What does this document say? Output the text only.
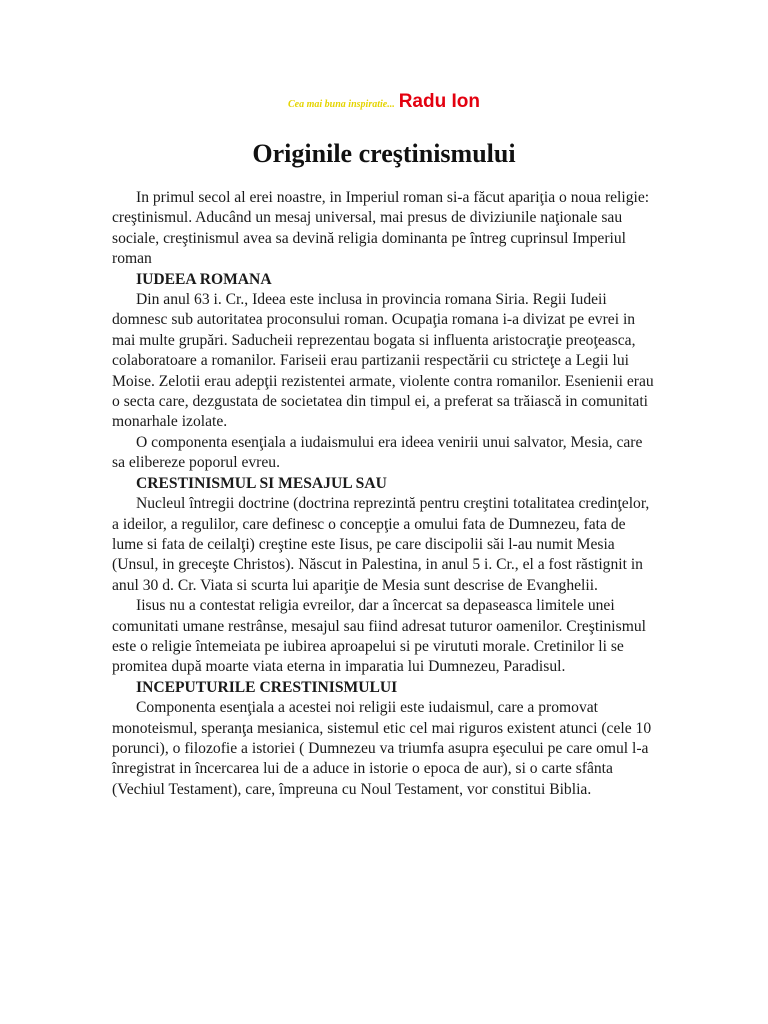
Cea mai buna inspiratie... Radu Ion
Originile creştinismului

In primul secol al erei noastre, in Imperiul roman si-a făcut apariţia o noua religie: creştinismul. Aducând un mesaj universal, mai presus de diviziunile naţionale sau sociale, creştinismul avea sa devină religia dominanta pe întreg cuprinsul Imperiul roman

IUDEEA ROMANA

Din anul 63 i. Cr., Ideea este inclusa in provincia romana Siria. Regii Iudeii domnesc sub autoritatea proconsului roman. Ocupaţia romana i-a divizat pe evrei in mai multe grupări. Saducheii reprezentau bogata si influenta aristocraţie preoţeasca, colaboratoare a romanilor. Fariseii erau partizanii respectării cu stricteţe a Legii lui Moise. Zelotii erau adepţii rezistentei armate, violente contra romanilor. Esenienii erau o secta care, dezgustata de societatea din timpul ei, a preferat sa trăiască in comunitati monarhale izolate.

O componenta esenţiala a iudaismului era ideea venirii unui salvator, Mesia, care sa elibereze poporul evreu.

CRESTINISMUL SI MESAJUL SAU

Nucleul întregii doctrine (doctrina reprezintă pentru creştini totalitatea credinţelor, a ideilor, a regulilor, care definesc o concepţie a omului fata de Dumnezeu, fata de lume si fata de ceilalţi) creştine este Iisus, pe care discipolii săi l-au numit Mesia (Unsul, in greceşte Christos). Născut in Palestina, in anul 5 i. Cr., el a fost răstignit in anul 30 d. Cr. Viata si scurta lui apariţie de Mesia sunt descrise de Evanghelii.

Iisus nu a contestat religia evreilor, dar a încercat sa depaseasca limitele unei comunitati umane restrânse, mesajul sau fiind adresat tuturor oamenilor. Creştinismul este o religie întemeiata pe iubirea aproapelui si pe virututi morale. Cretinilor li se promitea după moarte viata eterna in imparatia lui Dumnezeu, Paradisul.

INCEPUTURILE CRESTINISMULUI

Componenta esenţiala a acestei noi religii este iudaismul, care a promovat monoteismul, speranţa mesianica, sistemul etic cel mai riguros existent atunci (cele 10 porunci), o filozofie a istoriei ( Dumnezeu va triumfa asupra eşecului pe care omul l-a înregistrat in încercarea lui de a aduce in istorie o epoca de aur), si o carte sfânta (Vechiul Testament), care, împreuna cu Noul Testament, vor constitui Biblia.
